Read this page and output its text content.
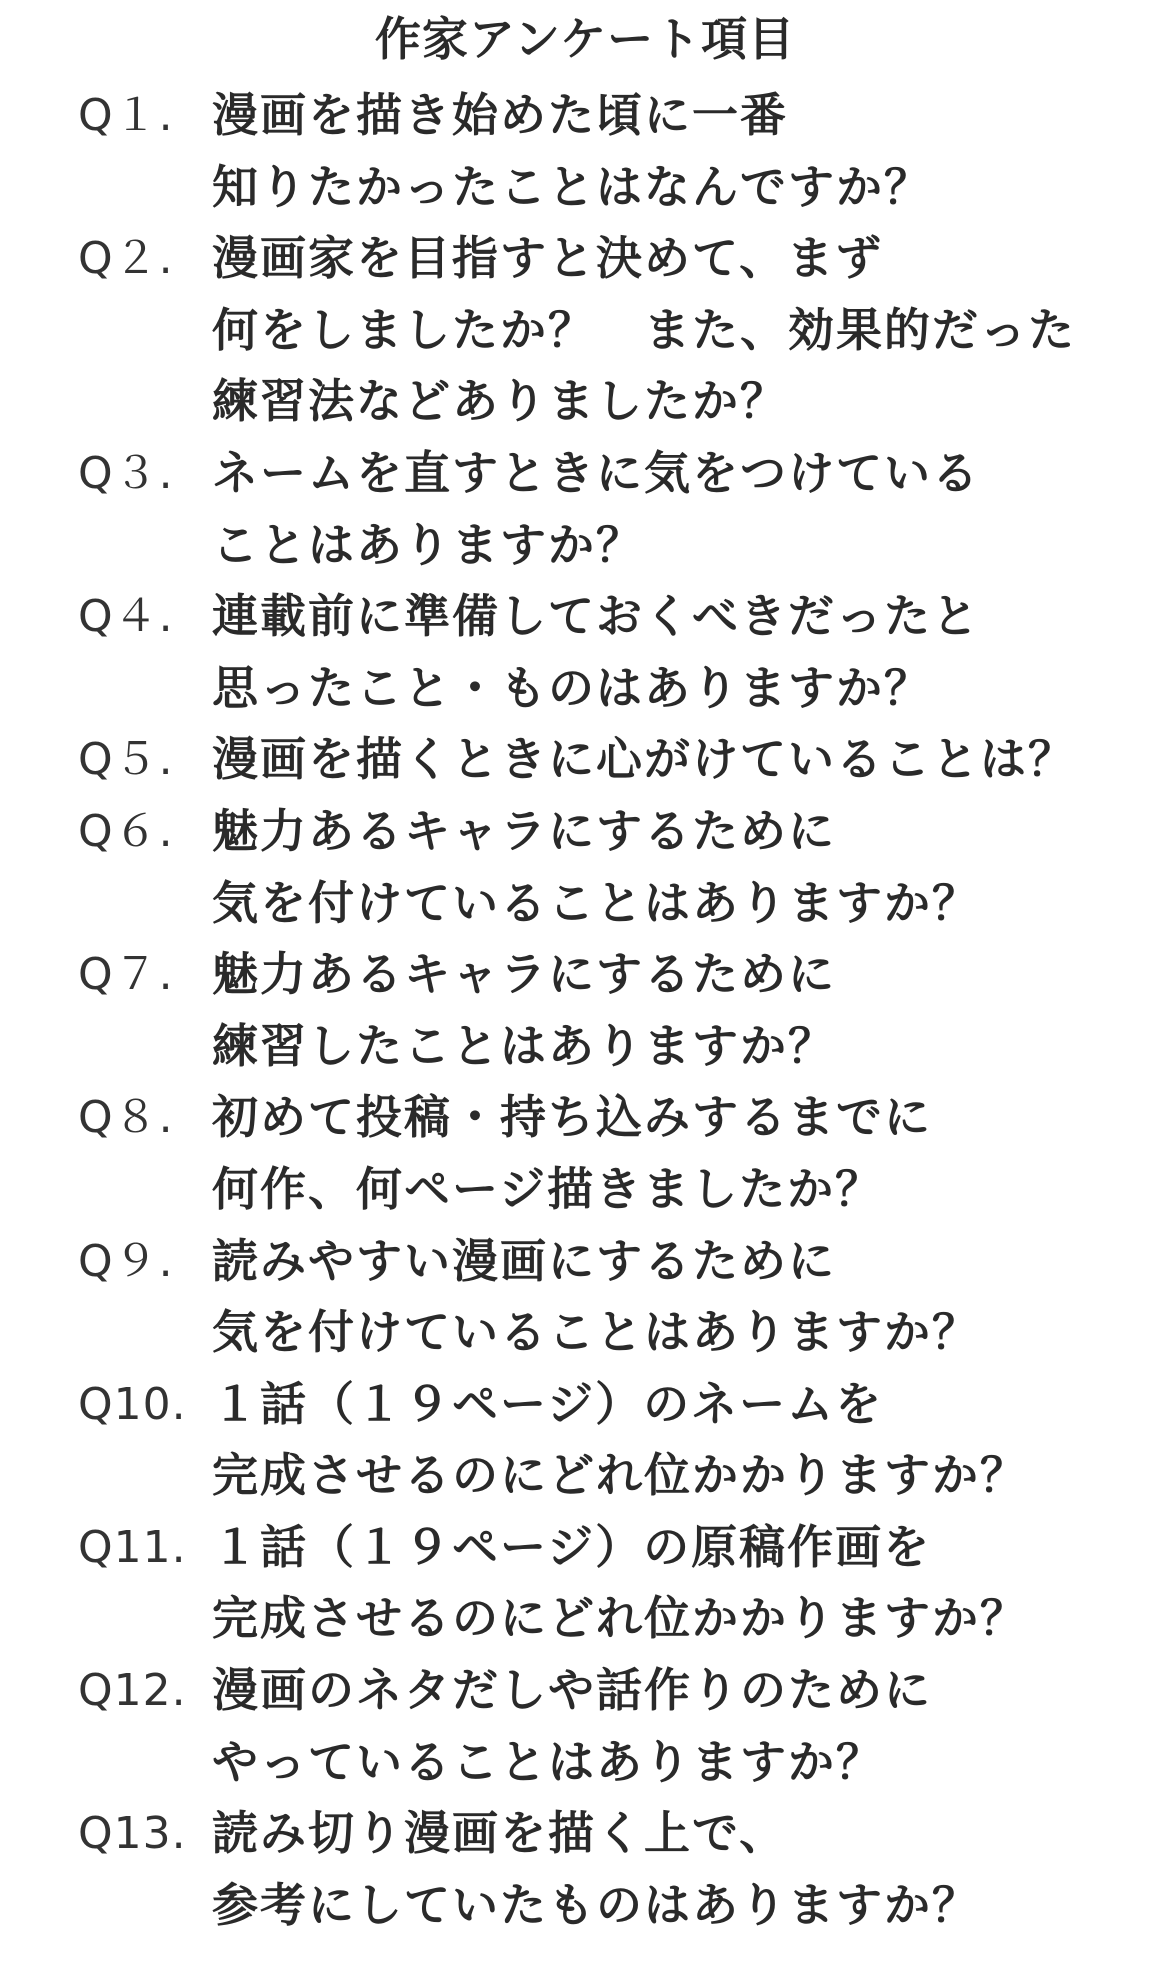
作家アンケート項目
Q１. 漫画を描き始めた頃に一番
知りたかったことはなんですか？
Q２. 漫画家を目指すと決めて、まず
何をしましたか？　また、効果的だった
練習法などありましたか？
Q３. ネームを直すときに気をつけている
ことはありますか？
Q４. 連載前に準備しておくべきだったと
思ったこと・ものはありますか？
Q５. 漫画を描くときに心がけていることは？
Q６. 魅力あるキャラにするために
気を付けていることはありますか？
Q７. 魅力あるキャラにするために
練習したことはありますか？
Q８. 初めて投稿・持ち込みするまでに
何作、何ページ描きましたか？
Q９. 読みやすい漫画にするために
気を付けていることはありますか？
Q10. １話（１９ページ）のネームを
完成させるのにどれ位かかりますか？
Q11. １話（１９ページ）の原稿作画を
完成させるのにどれ位かかりますか？
Q12. 漫画のネタだしや話作りのために
やっていることはありますか？
Q13. 読み切り漫画を描く上で、
参考にしていたものはありますか？
